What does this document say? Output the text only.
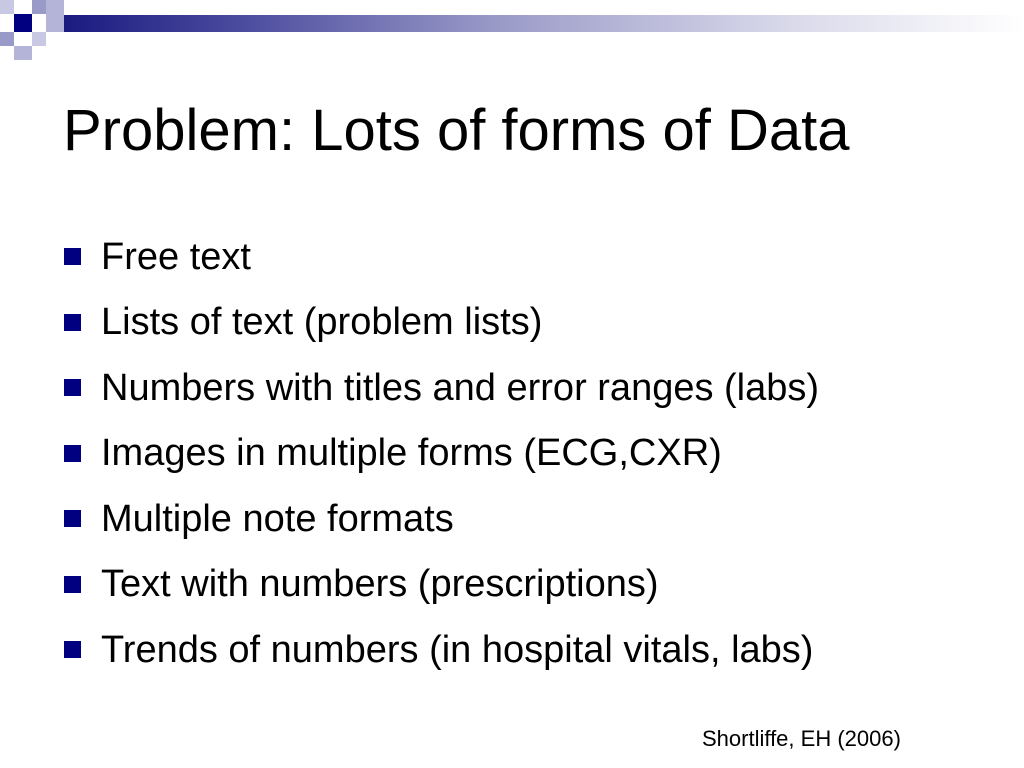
Problem: Lots of forms of Data
Free text
Lists of text (problem lists)
Numbers with titles and error ranges (labs)
Images in multiple forms (ECG,CXR)
Multiple note formats
Text with numbers (prescriptions)
Trends of numbers (in hospital vitals, labs)
Shortliffe, EH (2006)
